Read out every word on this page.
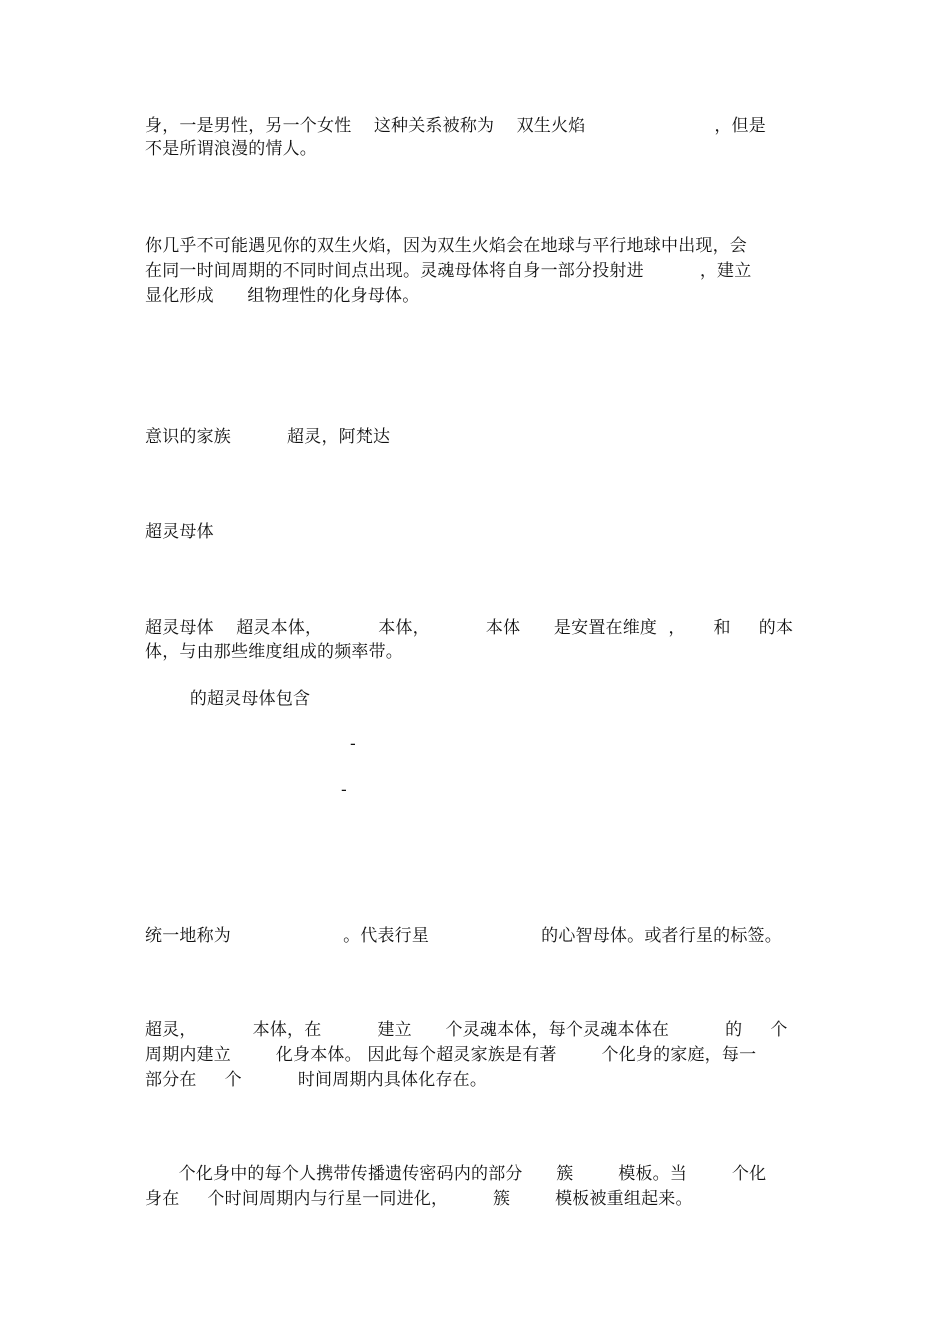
身，一是男性，另一个女性    这种关系被称为    双生火焰                       ，但是
不是所谓浪漫的情人。
你几乎不可能遇见你的双生火焰，因为双生火焰会在地球与平行地球中出现，会
在同一时间周期的不同时间点出现。灵魂母体将自身一部分投射进          ，建立
显化形成      组物理性的化身母体。
意识的家族          超灵，阿梵达
超灵母体
超灵母体    超灵本体，          本体，          本体      是安置在维度  ，     和     的本
体，与由那些维度组成的频率带。
的超灵母体包含
-
-
统一地称为                    。代表行星                    的心智母体。或者行星的标签。
超灵，          本体，在          建立      个灵魂本体，每个灵魂本体在          的     个
周期内建立        化身本体。 因此每个超灵家族是有著        个化身的家庭，每一
部分在     个          时间周期内具体化存在。
个化身中的每个人携带传播遗传密码内的部分      簇        模板。当        个化
身在     个时间周期内与行星一同进化，        簇        模板被重组起来。
